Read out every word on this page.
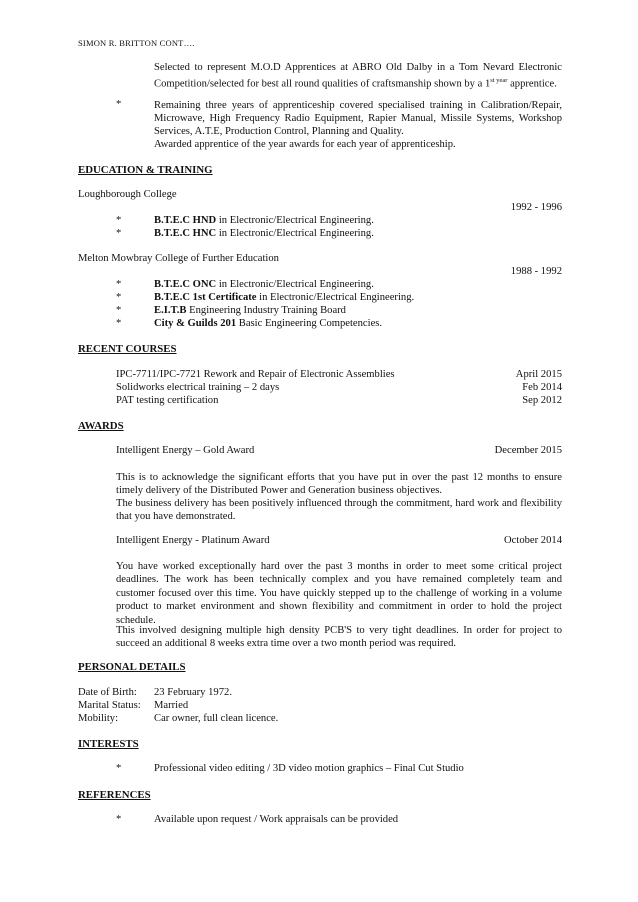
SIMON R. BRITTON CONT….
Selected to represent M.O.D Apprentices at ABRO Old Dalby in a Tom Nevard Electronic Competition/selected for best all round qualities of craftsmanship shown by a $1^{st year}$ apprentice.
*	Remaining three years of apprenticeship covered specialised training in Calibration/Repair, Microwave, High Frequency Radio Equipment, Rapier Manual, Missile Systems, Workshop Services, A.T.E, Production Control, Planning and Quality.
Awarded apprentice of the year awards for each year of apprenticeship.
EDUCATION & TRAINING
Loughborough College
1992 - 1996
*	B.T.E.C HND in Electronic/Electrical Engineering.
*	B.T.E.C HNC in Electronic/Electrical Engineering.
Melton Mowbray College of Further Education
1988 - 1992
*	B.T.E.C ONC in Electronic/Electrical Engineering.
*	B.T.E.C 1st Certificate in Electronic/Electrical Engineering.
*	E.I.T.B Engineering Industry Training Board
*	City & Guilds 201 Basic Engineering Competencies.
RECENT COURSES
IPC-7711/IPC-7721 Rework and Repair of Electronic Assemblies	April 2015
Solidworks electrical training – 2 days	Feb 2014
PAT testing certification	Sep 2012
AWARDS
Intelligent Energy – Gold Award	December 2015
This is to acknowledge the significant efforts that you have put in over the past 12 months to ensure timely delivery of the Distributed Power and Generation business objectives.
The business delivery has been positively influenced through the commitment, hard work and flexibility that you have demonstrated.
Intelligent Energy - Platinum Award	October 2014
You have worked exceptionally hard over the past 3 months in order to meet some critical project deadlines. The work has been technically complex and you have remained completely team and customer focused over this time. You have quickly stepped up to the challenge of working in a volume product to market environment and shown flexibility and commitment in order to hold the project schedule.
This involved designing multiple high density PCB'S to very tight deadlines. In order for project to succeed an additional 8 weeks extra time over a two month period was required.
PERSONAL DETAILS
Date of Birth: 23 February 1972.
Marital Status: Married
Mobility:	Car owner, full clean licence.
INTERESTS
*	Professional video editing / 3D video motion graphics – Final Cut Studio
REFERENCES
*	Available upon request / Work appraisals can be provided
